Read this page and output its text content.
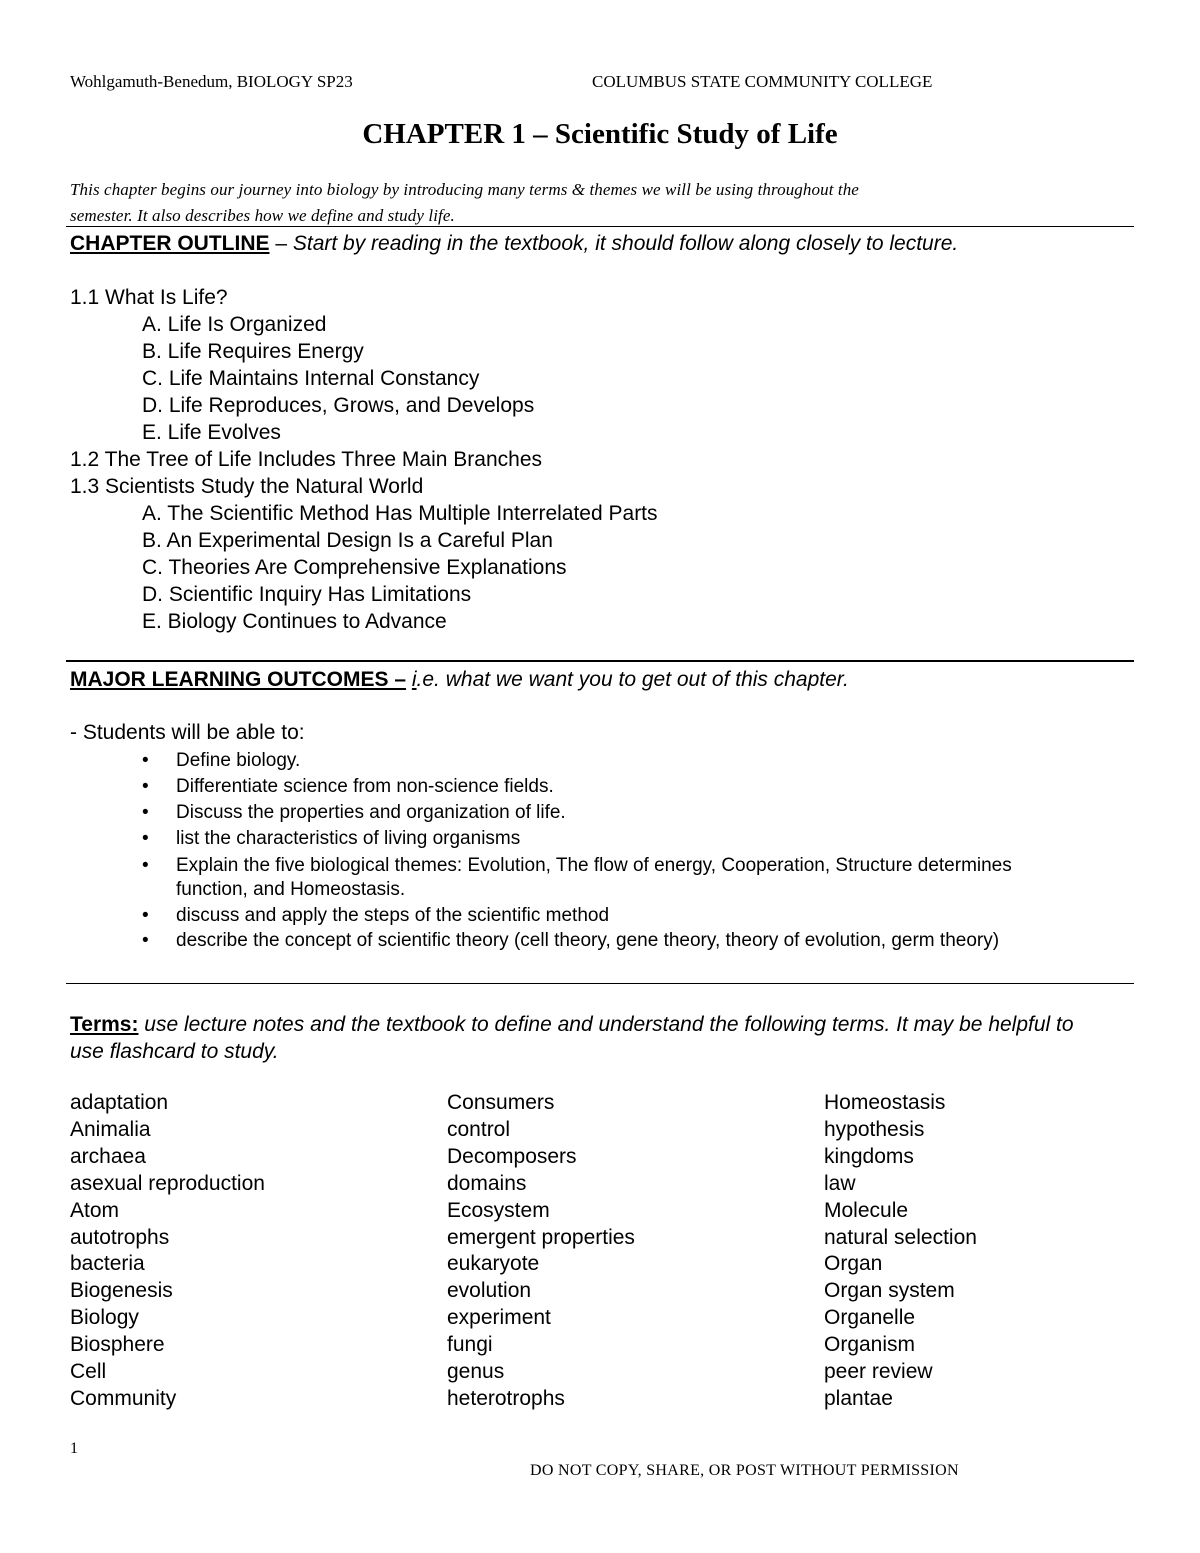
Wohlgamuth-Benedum, BIOLOGY SP23	COLUMBUS STATE COMMUNITY COLLEGE
CHAPTER 1 – Scientific Study of Life
This chapter begins our journey into biology by introducing many terms & themes we will be using throughout the
semester. It also describes how we define and study life.
CHAPTER OUTLINE – Start by reading in the textbook, it should follow along closely to lecture.
1.1 What Is Life?
A. Life Is Organized
B. Life Requires Energy
C. Life Maintains Internal Constancy
D. Life Reproduces, Grows, and Develops
E. Life Evolves
1.2 The Tree of Life Includes Three Main Branches
1.3 Scientists Study the Natural World
A. The Scientific Method Has Multiple Interrelated Parts
B. An Experimental Design Is a Careful Plan
C. Theories Are Comprehensive Explanations
D. Scientific Inquiry Has Limitations
E. Biology Continues to Advance
MAJOR LEARNING OUTCOMES – i.e. what we want you to get out of this chapter.
- Students will be able to:
• Define biology.
• Differentiate science from non-science fields.
• Discuss the properties and organization of life.
• list the characteristics of living organisms
• Explain the five biological themes: Evolution, The flow of energy, Cooperation, Structure determines
function, and Homeostasis.
• discuss and apply the steps of the scientific method
• describe the concept of scientific theory (cell theory, gene theory, theory of evolution, germ theory)
Terms: use lecture notes and the textbook to define and understand the following terms. It may be helpful to
use flashcard to study.
adaptation
Animalia
archaea
asexual reproduction
Atom
autotrophs
bacteria
Biogenesis
Biology
Biosphere
Cell
Community
Consumers
control
Decomposers
domains
Ecosystem
emergent properties
eukaryote
evolution
experiment
fungi
genus
heterotrophs
Homeostasis
hypothesis
kingdoms
law
Molecule
natural selection
Organ
Organ system
Organelle
Organism
peer review
plantae
1
DO NOT COPY, SHARE, OR POST WITHOUT PERMISSION
